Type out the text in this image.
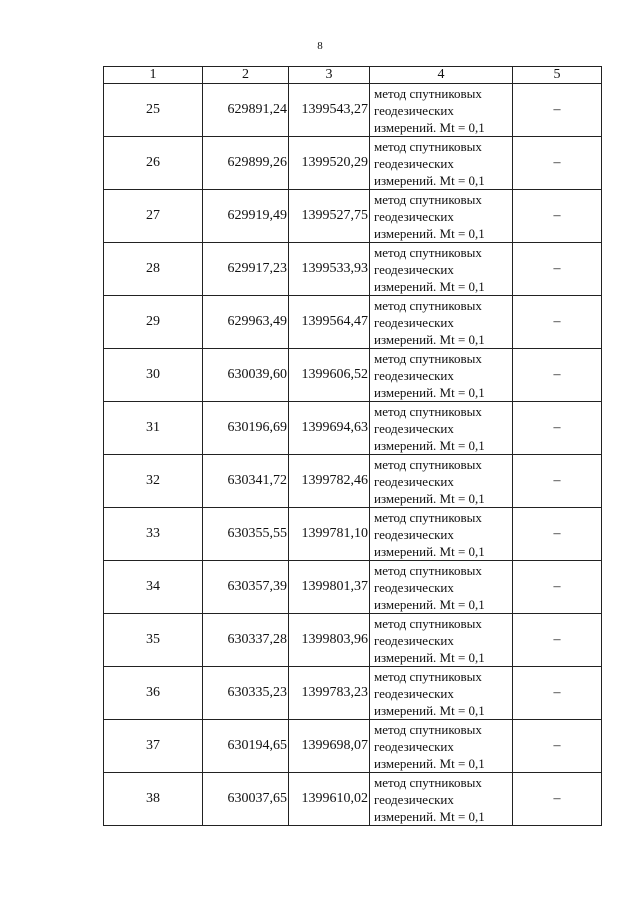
8
1	2	3	4	5
25	629891,24	1399543,27	метод спутниковых
геодезических
измерений. Mt = 0,1	–
26	629899,26	1399520,29	метод спутниковых
геодезических
измерений. Mt = 0,1	–
27	629919,49	1399527,75	метод спутниковых
геодезических
измерений. Mt = 0,1	–
28	629917,23	1399533,93	метод спутниковых
геодезических
измерений. Mt = 0,1	–
29	629963,49	1399564,47	метод спутниковых
геодезических
измерений. Mt = 0,1	–
30	630039,60	1399606,52	метод спутниковых
геодезических
измерений. Mt = 0,1	–
31	630196,69	1399694,63	метод спутниковых
геодезических
измерений. Mt = 0,1	–
32	630341,72	1399782,46	метод спутниковых
геодезических
измерений. Mt = 0,1	–
33	630355,55	1399781,10	метод спутниковых
геодезических
измерений. Mt = 0,1	–
34	630357,39	1399801,37	метод спутниковых
геодезических
измерений. Mt = 0,1	–
35	630337,28	1399803,96	метод спутниковых
геодезических
измерений. Mt = 0,1	–
36	630335,23	1399783,23	метод спутниковых
геодезических
измерений. Mt = 0,1	–
37	630194,65	1399698,07	метод спутниковых
геодезических
измерений. Mt = 0,1	–
38	630037,65	1399610,02	метод спутниковых
геодезических
измерений. Mt = 0,1	–
